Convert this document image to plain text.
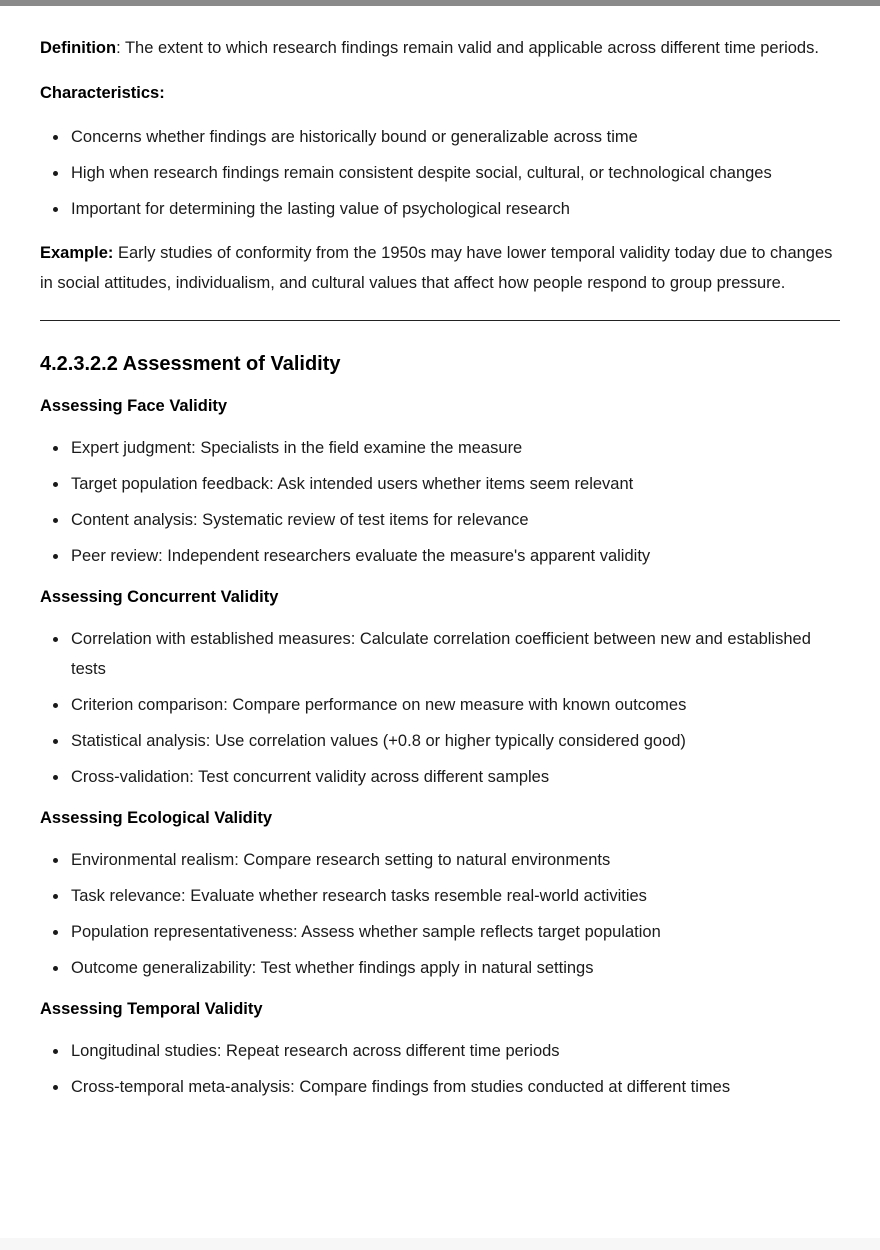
Definition: The extent to which research findings remain valid and applicable across different time periods.

Characteristics:

Concerns whether findings are historically bound or generalizable across time
High when research findings remain consistent despite social, cultural, or technological changes
Important for determining the lasting value of psychological research

Example: Early studies of conformity from the 1950s may have lower temporal validity today due to changes in social attitudes, individualism, and cultural values that affect how people respond to group pressure.

4.2.3.2.2 Assessment of Validity
Assessing Face Validity
Expert judgment: Specialists in the field examine the measure
Target population feedback: Ask intended users whether items seem relevant
Content analysis: Systematic review of test items for relevance
Peer review: Independent researchers evaluate the measure's apparent validity
Assessing Concurrent Validity
Correlation with established measures: Calculate correlation coefficient between new and established tests
Criterion comparison: Compare performance on new measure with known outcomes
Statistical analysis: Use correlation values (+0.8 or higher typically considered good)
Cross-validation: Test concurrent validity across different samples
Assessing Ecological Validity
Environmental realism: Compare research setting to natural environments
Task relevance: Evaluate whether research tasks resemble real-world activities
Population representativeness: Assess whether sample reflects target population
Outcome generalizability: Test whether findings apply in natural settings
Assessing Temporal Validity
Longitudinal studies: Repeat research across different time periods
Cross-temporal meta-analysis: Compare findings from studies conducted at different times
